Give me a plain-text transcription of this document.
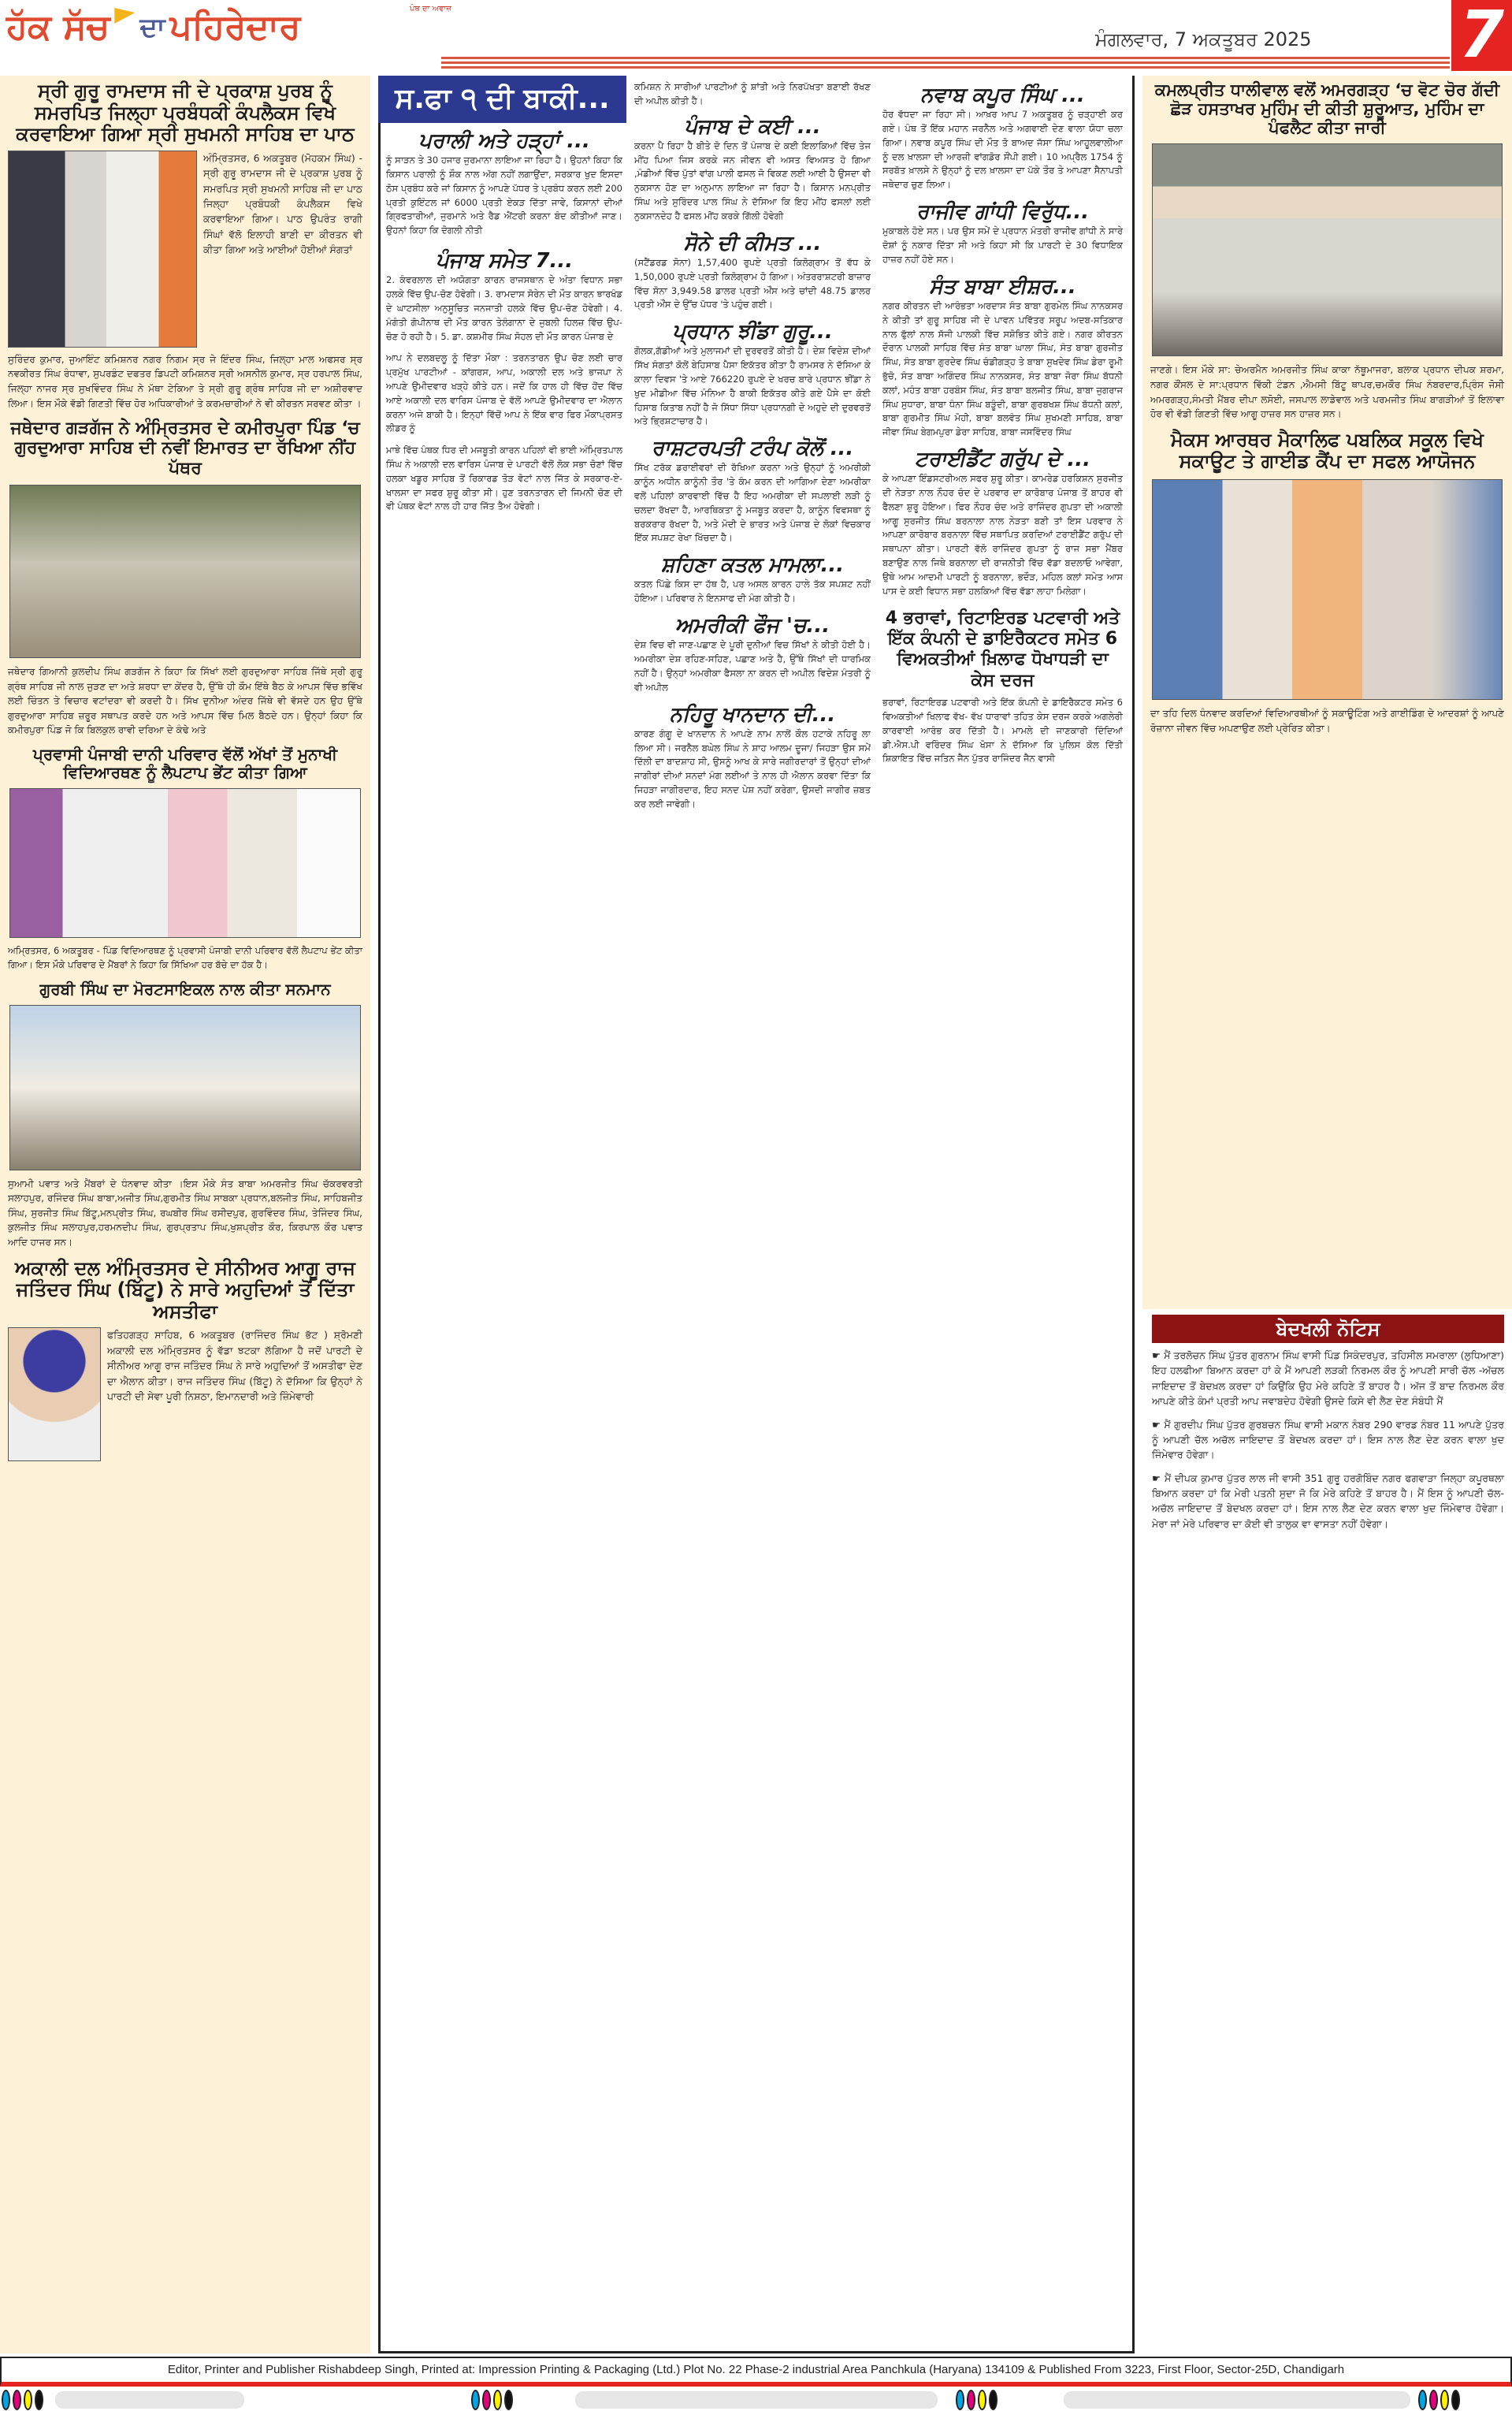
ਹੱਕ ਸੱਚ ਦਾ ਪਹਿਰੇਦਾਰ	ਪੰਥ ਦਾ ਅਵਾਜ਼
ਮੰਗਲਵਾਰ, 7 ਅਕਤੂਬਰ 2025 7
ਸ੍ਰੀ ਗੁਰੂ ਰਾਮਦਾਸ ਜੀ ਦੇ ਪ੍ਰਕਾਸ਼ ਪੁਰਬ ਨੂੰ ਸਮਰਪਿਤ ਜਿਲ੍ਹਾ ਪ੍ਰਬੰਧਕੀ ਕੰਪਲੈਕਸ ਵਿਖੇ ਕਰਵਾਇਆ ਗਿਆ ਸ੍ਰੀ ਸੁਖਮਨੀ ਸਾਹਿਬ ਦਾ ਪਾਠ

ਅੰਮ੍ਰਿਤਸਰ, 6 ਅਕਤੂਬਰ (ਮੋਹਕਮ ਸਿੰਘ) - ਸ੍ਰੀ ਗੁਰੂ ਰਾਮਦਾਸ ਜੀ ਦੇ ਪ੍ਰਕਾਸ਼ ਪੁਰਬ ਨੂੰ ਸਮਰਪਿਤ ਸ੍ਰੀ ਸੁਖਮਨੀ ਸਾਹਿਬ ਜੀ ਦਾ ਪਾਠ ਜਿਲ੍ਹਾ ਪ੍ਰਬੰਧਕੀ ਕੰਪਲੈਕਸ ਵਿਖੇ ਕਰਵਾਇਆ ਗਿਆ। ਪਾਠ ਉਪਰੰਤ ਰਾਗੀ ਸਿੰਘਾਂ ਵੱਲੋ ਇਲਾਹੀ ਬਾਣੀ ਦਾ ਕੀਰਤਨ ਵੀ ਕੀਤਾ ਗਿਆ ਅਤੇ ਆਈਆਂ ਹੋਈਆਂ ਸੰਗਤਾਂ

ਸੁਰਿੰਦਰ ਕੁਮਾਰ, ਜੁਆਇੰਟ ਕਮਿਸ਼ਨਰ ਨਗਰ ਨਿਗਮ ਸ੍ਰ ਜੇ ਇੰਦਰ ਸਿੰਘ, ਜਿਲ੍ਹਾ ਮਾਲ ਅਫਸਰ ਸ੍ਰ ਨਵਕੀਰਤ ਸਿੰਘ ਰੰਧਾਵਾ, ਸੁਪਰਡੰਟ ਦਫਤਰ ਡਿਪਟੀ ਕਮਿਸ਼ਨਰ ਸ੍ਰੀ ਅਸਨੀਲ ਕੁਮਾਰ, ਸ੍ਰ ਹਰਪਾਲ ਸਿੰਘ, ਜਿਲ੍ਹਾ ਨਾਜਰ ਸ੍ਰ ਸੁਖਵਿੰਦਰ ਸਿੰਘ ਨੇ ਮੱਥਾ ਟੇਕਿਆ ਤੇ ਸ੍ਰੀ ਗੁਰੂ ਗ੍ਰੰਥ ਸਾਹਿਬ ਜੀ ਦਾ ਅਸ਼ੀਰਵਾਦ ਲਿਆ। ਇਸ ਮੌਕੇ ਵੱਡੀ ਗਿਣਤੀ ਵਿੱਚ ਹੋਰ ਅਧਿਕਾਰੀਆਂ ਤੇ ਕਰਮਚਾਰੀਆਂ ਨੇ ਵੀ ਕੀਰਤਨ ਸਰਵਣ ਕੀਤਾ ।

ਜਥੇਦਾਰ ਗੜਗੱਜ ਨੇ ਅੰਮ੍ਰਿਤਸਰ ਦੇ ਕਮੀਰਪੁਰਾ ਪਿੰਡ ‘ਚ ਗੁਰਦੁਆਰਾ ਸਾਹਿਬ ਦੀ ਨਵੀਂ ਇਮਾਰਤ ਦਾ ਰੱਖਿਆ ਨੀਂਹ ਪੱਥਰ

ਜਥੇਦਾਰ ਗਿਆਨੀ ਕੁਲਦੀਪ ਸਿੰਘ ਗੜਗੱਜ ਨੇ ਕਿਹਾ ਕਿ ਸਿੱਖਾਂ ਲਈ ਗੁਰਦੁਆਰਾ ਸਾਹਿਬ ਜਿੱਥੇ ਸ੍ਰੀ ਗੁਰੂ ਗ੍ਰੰਥ ਸਾਹਿਬ ਜੀ ਨਾਲ ਜੁੜਣ ਦਾ ਅਤੇ ਸ਼ਰਧਾ ਦਾ ਕੇਂਦਰ ਹੈ, ਉੱਥੇ ਹੀ ਕੌਮ ਇੱਥੇ ਬੈਠ ਕੇ ਆਪਸ ਵਿੱਚ ਭਵਿੱਖ ਲਈ ਚਿੰਤਨ ਤੇ ਵਿਚਾਰ ਵਟਾਂਦਰਾ ਵੀ ਕਰਦੀ ਹੈ। ਸਿੱਖ ਦੁਨੀਆ ਅੰਦਰ ਜਿੱਥੇ ਵੀ ਵੱਸਦੇ ਹਨ ਉਹ ਉੱਥੇ ਗੁਰਦੁਆਰਾ ਸਾਹਿਬ ਜ਼ਰੂਰ ਸਥਾਪਤ ਕਰਦੇ ਹਨ ਅਤੇ ਆਪਸ ਵਿੱਚ ਮਿਲ ਬੈਠਦੇ ਹਨ। ਉਨ੍ਹਾਂ ਕਿਹਾ ਕਿ ਕਮੀਰਪੁਰਾ ਪਿੰਡ ਜੋ ਕਿ ਬਿਲਕੁਲ ਰਾਵੀ ਦਰਿਆ ਦੇ ਕੰਢੇ ਅਤੇ

ਪ੍ਰਵਾਸੀ ਪੰਜਾਬੀ ਦਾਨੀ ਪਰਿਵਾਰ ਵੱਲੋਂ ਅੱਖਾਂ ਤੋਂ ਮੁਨਾਖੀ ਵਿਦਿਆਰਥਣ ਨੂੰ ਲੈਪਟਾਪ ਭੇਂਟ ਕੀਤਾ ਗਿਆ

ਅਮ੍ਰਿਤਸਰ, 6 ਅਕਤੂਬਰ - ਪਿੰਡ ਵਿਦਿਆਰਥਣ ਨੂੰ ਪ੍ਰਵਾਸੀ ਪੰਜਾਬੀ ਦਾਨੀ ਪਰਿਵਾਰ ਵੱਲੋਂ ਲੈਪਟਾਪ ਭੇਂਟ ਕੀਤਾ ਗਿਆ। ਇਸ ਮੌਕੇ ਪਰਿਵਾਰ ਦੇ ਮੈਂਬਰਾਂ ਨੇ ਕਿਹਾ ਕਿ ਸਿੱਖਿਆ ਹਰ ਬੱਚੇ ਦਾ ਹੱਕ ਹੈ।

ਗੁਰਬੀ ਸਿੰਘ ਦਾ ਮੋਰਟਸਾਇਕਲ ਨਾਲ ਕੀਤਾ ਸਨਮਾਨ

ਸੁਆਮੀ ਪਵਾਤ ਅਤੇ ਮੈਂਬਰਾਂ ਦੇ ਧੰਨਵਾਦ ਕੀਤਾ ।ਇਸ ਮੌਕੇ ਸੰਤ ਬਾਬਾ ਅਮਰਜੀਤ ਸਿੰਘ ਚੱਕਰਵਰਤੀ ਸਲਾਹਪੁਰ, ਰਜਿੰਦਰ ਸਿੰਘ ਬਾਬਾ,ਅਜੀਤ ਸਿੰਘ,ਗੁਰਮੀਤ ਸਿੰਘ ਸਾਬਕਾ ਪ੍ਰਧਾਨ,ਬਲਜੀਤ ਸਿੰਘ, ਸਾਹਿਬਜੀਤ ਸਿੰਘ, ਸੁਰਜੀਤ ਸਿੰਘ ਬਿੱਟੂ,ਮਨਪ੍ਰੀਤ ਸਿੰਘ, ਰਘਬੀਰ ਸਿੰਘ ਰਸੀਦਪੁਰ, ਗੁਰਵਿੰਦਰ ਸਿੰਘ, ਤੇਜਿੰਦਰ ਸਿੰਘ, ਕੁਲਜੀਤ ਸਿੰਘ ਸਲਾਹਪੁਰ,ਹਰਮਨਦੀਪ ਸਿੰਘ, ਗੁਰਪ੍ਰਤਾਪ ਸਿੰਘ,ਖੁਸ਼ਪ੍ਰੀਤ ਕੌਰ, ਕਿਰਪਾਲ ਕੌਰ ਪਵਾਤ ਆਦਿ ਹਾਜਰ ਸਨ।

ਅਕਾਲੀ ਦਲ ਅੰਮ੍ਰਿਤਸਰ ਦੇ ਸੀਨੀਅਰ ਆਗੂ ਰਾਜ ਜਤਿੰਦਰ ਸਿੰਘ (ਬਿੱਟੂ) ਨੇ ਸਾਰੇ ਅਹੁਦਿਆਂ ਤੋਂ ਦਿੱਤਾ ਅਸਤੀਫਾ

ਫਤਿਹਗੜ੍ਹ ਸਾਹਿਬ, 6 ਅਕਤੂਬਰ (ਰਾਜਿੰਦਰ ਸਿੰਘ ਭੱਟ ) ਸ਼੍ਰੋਮਣੀ ਅਕਾਲੀ ਦਲ ਅੰਮ੍ਰਿਤਸਰ ਨੂੰ ਵੱਡਾ ਝਟਕਾ ਲੱਗਿਆ ਹੈ ਜਦੋਂ ਪਾਰਟੀ ਦੇ ਸੀਨੀਅਰ ਆਗੂ ਰਾਜ ਜਤਿੰਦਰ ਸਿੰਘ ਨੇ ਸਾਰੇ ਅਹੁਦਿਆਂ ਤੋਂ ਅਸਤੀਫਾ ਦੇਣ ਦਾ ਐਲਾਨ ਕੀਤਾ। ਰਾਜ ਜਤਿੰਦਰ ਸਿੰਘ (ਬਿੱਟੂ) ਨੇ ਦੱਸਿਆ ਕਿ ਉਨ੍ਹਾਂ ਨੇ ਪਾਰਟੀ ਦੀ ਸੇਵਾ ਪੂਰੀ ਨਿਸ਼ਠਾ, ਇਮਾਨਦਾਰੀ ਅਤੇ ਜ਼ਿੰਮੇਵਾਰੀ

ਸ.ਫਾ ੧ ਦੀ ਬਾਕੀ...
ਪਰਾਲੀ ਅਤੇ ਹੜ੍ਹਾਂ ...

ਨੂੰ ਸਾੜਨ ਤੇ 30 ਹਜਾਰ ਜੁਰਮਾਨਾ ਲਾਇਆ ਜਾ ਰਿਹਾ ਹੈ। ਉਹਨਾਂ ਕਿਹਾ ਕਿ ਕਿਸਾਨ ਪਰਾਲੀ ਨੂੰ ਸ਼ੌਕ ਨਾਲ ਅੱਗ ਨਹੀਂ ਲਗਾਉਂਦਾ, ਸਰਕਾਰ ਖੁਦ ਇਸਦਾ ਠੋਸ ਪ੍ਰਬੰਧ ਕਰੇ ਜਾਂ ਕਿਸਾਨ ਨੂੰ ਆਪਣੇ ਪੱਧਰ ਤੇ ਪ੍ਰਬੰਧ ਕਰਨ ਲਈ 200 ਪ੍ਰਤੀ ਕੁਇੰਟਲ ਜਾਂ 6000 ਪ੍ਰਤੀ ਏਕੜ ਦਿੱਤਾ ਜਾਵੇ, ਕਿਸਾਨਾਂ ਦੀਆਂ ਗ੍ਰਿਫਤਾਰੀਆਂ, ਜੁਰਮਾਨੇ ਅਤੇ ਰੈਡ ਐਂਟਰੀ ਕਰਨਾ ਬੰਦ ਕੀਤੀਆਂ ਜਾਣ। ਉਹਨਾਂ ਕਿਹਾ ਕਿ ਦੋਗਲੀ ਨੀਤੀ

ਪੰਜਾਬ ਸਮੇਤ 7...

2. ਕੰਵਰਲਾਲ ਦੀ ਅਯੋਗਤਾ ਕਾਰਨ ਰਾਜਸਥਾਨ ਦੇ ਅੰਤਾ ਵਿਧਾਨ ਸਭਾ ਹਲਕੇ ਵਿੱਚ ਉਪ-ਚੋਣ ਹੋਵੇਗੀ। 3. ਰਾਮਦਾਸ ਸੋਰੇਨ ਦੀ ਮੌਤ ਕਾਰਨ ਝਾਰਖੰਡ ਦੇ ਘਾਟਸੀਲਾ ਅਨੁਸੂਚਿਤ ਜਨਜਾਤੀ ਹਲਕੇ ਵਿੱਚ ਉਪ-ਚੋਣ ਹੋਵੇਗੀ। 4. ਮੰਗੰਤੀ ਗੋਪੀਨਾਥ ਦੀ ਮੌਤ ਕਾਰਨ ਤੇਲੰਗਾਨਾ ਦੇ ਜੁਬਲੀ ਹਿਲਜ਼ ਵਿੱਚ ਉਪ-ਚੋਣ ਹੋ ਰਹੀ ਹੈ। 5. ਡਾ. ਕਸ਼ਮੀਰ ਸਿੰਘ ਸੋਹਲ ਦੀ ਮੌਤ ਕਾਰਨ ਪੰਜਾਬ ਦੇ

ਆਪ ਨੇ ਦਲਬਦਲੂ ਨੂੰ ਦਿੱਤਾ ਮੌਕਾ : ਤਰਨਤਾਰਨ ਉਪ ਚੋਣ ਲਈ ਚਾਰ ਪ੍ਰਮੁੱਖ ਪਾਰਟੀਆਂ - ਕਾਂਗਰਸ, ਆਪ, ਅਕਾਲੀ ਦਲ ਅਤੇ ਭਾਜਪਾ ਨੇ ਆਪਣੇ ਉਮੀਦਵਾਰ ਖੜ੍ਹੇ ਕੀਤੇ ਹਨ। ਜਦੋਂ ਕਿ ਹਾਲ ਹੀ ਵਿੱਚ ਹੋਂਦ ਵਿੱਚ ਆਏ ਅਕਾਲੀ ਦਲ ਵਾਰਿਸ ਪੰਜਾਬ ਦੇ ਵੱਲੋਂ ਆਪਣੇ ਉਮੀਦਵਾਰ ਦਾ ਐਲਾਨ ਕਰਨਾ ਅਜੇ ਬਾਕੀ ਹੈ। ਇਨ੍ਹਾਂ ਵਿੱਚੋਂ ਆਪ ਨੇ ਇੱਕ ਵਾਰ ਫਿਰ ਮੌਕਾਪ੍ਰਸਤ ਲੀਡਰ ਨੂੰ

ਮਾਝੇ ਵਿੱਚ ਪੰਥਕ ਧਿਰ ਦੀ ਮਜਬੂਤੀ ਕਾਰਨ ਪਹਿਲਾਂ ਵੀ ਭਾਈ ਅੰਮ੍ਰਿਤਪਾਲ ਸਿੰਘ ਨੇ ਅਕਾਲੀ ਦਲ ਵਾਰਿਸ ਪੰਜਾਬ ਦੇ ਪਾਰਟੀ ਵੱਲੋਂ ਲੋਕ ਸਭਾ ਚੋਣਾਂ ਵਿੱਚ ਹਲਕਾ ਖਡੂਰ ਸਾਹਿਬ ਤੋਂ ਰਿਕਾਰਡ ਤੋੜ ਵੋਟਾਂ ਨਾਲ ਜਿੱਤ ਕੇ ਸਰਕਾਰ-ਏ-ਖਾਲਸਾ ਦਾ ਸਫਰ ਸ਼ੁਰੂ ਕੀਤਾ ਸੀ। ਹੁਣ ਤਰਨਤਾਰਨ ਦੀ ਜਿਮਨੀ ਚੋਣ ਦੀ ਵੀ ਪੰਥਕ ਵੋਟਾਂ ਨਾਲ ਹੀ ਹਾਰ ਜਿੱਤ ਤੈਅ ਹੋਵੇਗੀ।

ਕਮਿਸ਼ਨ ਨੇ ਸਾਰੀਆਂ ਪਾਰਟੀਆਂ ਨੂੰ ਸ਼ਾਂਤੀ ਅਤੇ ਨਿਰਪੱਖਤਾ ਬਣਾਈ ਰੱਖਣ ਦੀ ਅਪੀਲ ਕੀਤੀ ਹੈ।

ਪੰਜਾਬ ਦੇ ਕਈ ...

ਕਰਨਾ ਪੈ ਰਿਹਾ ਹੈ ਬੀਤੇ ਦੋ ਦਿਨ ਤੋਂ ਪੰਜਾਬ ਦੇ ਕਈ ਇਲਾਕਿਆਂ ਵਿੱਚ ਤੇਜ ਮੀਂਹ ਪਿਆ ਜਿਸ ਕਰਕੇ ਜਨ ਜੀਵਨ ਵੀ ਅਸਤ ਵਿਅਸਤ ਹੋ ਗਿਆ ,ਮੰਡੀਆਂ ਵਿੱਚ ਪੁੱਤਾਂ ਵਾਂਗ ਪਾਲੀ ਫਸਲ ਜੋ ਵਿਕਣ ਲਈ ਆਈ ਹੈ ਉਸਦਾ ਵੀ ਨੁਕਸਾਨ ਹੋਣ ਦਾ ਅਨੁਮਾਨ ਲਾਇਆ ਜਾ ਰਿਹਾ ਹੈ। ਕਿਸਾਨ ਮਨਪ੍ਰੀਤ ਸਿੰਘ ਅਤੇ ਸੁਰਿੰਦਰ ਪਾਲ ਸਿੰਘ ਨੇ ਦੱਸਿਆ ਕਿ ਇਹ ਮੀਂਹ ਫਸਲਾਂ ਲਈ ਨੁਕਸਾਨਦੇਹ ਹੈ ਫਸਲ ਮੀਂਹ ਕਰਕੇ ਗਿੱਲੀ ਹੋਵੇਗੀ

ਸੋਨੇ ਦੀ ਕੀਮਤ ...

(ਸਟੈਂਡਰਡ ਸੋਨਾ) 1,57,400 ਰੁਪਏ ਪ੍ਰਤੀ ਕਿਲੋਗ੍ਰਾਮ ਤੋਂ ਵੱਧ ਕੇ 1,50,000 ਰੁਪਏ ਪ੍ਰਤੀ ਕਿਲੋਗ੍ਰਾਮ ਹੋ ਗਿਆ। ਅੰਤਰਰਾਸ਼ਟਰੀ ਬਾਜ਼ਾਰ ਵਿੱਚ ਸੋਨਾ 3,949.58 ਡਾਲਰ ਪ੍ਰਤੀ ਔਂਸ ਅਤੇ ਚਾਂਦੀ 48.75 ਡਾਲਰ ਪ੍ਰਤੀ ਔਂਸ ਦੇ ਉੱਚ ਪੱਧਰ 'ਤੇ ਪਹੁੰਚ ਗਈ।

ਪ੍ਰਧਾਨ ਝੀਂਡਾ ਗੁਰੂ...

ਗੋਲਕ,ਗੱਡੀਆਂ ਅਤੇ ਮੁਲਾਜਮਾਂ ਦੀ ਦੁਰਵਰਤੋਂ ਕੀਤੀ ਹੈ। ਦੇਸ਼ ਵਿਦੇਸ਼ ਦੀਆਂ ਸਿੱਖ ਸੰਗਤਾਂ ਕੋਲੋਂ ਬੇਹਿਸਾਬ ਪੈਸਾ ਇਕੱਤਰ ਕੀਤਾ ਹੈ ਰਾਮਸਰ ਨੇ ਦੱਸਿਆ ਕੇ ਕਾਲਾ ਦਿਵਸ 'ਤੇ ਆਏ 766220 ਰੁਪਏ ਦੇ ਖਰਚ ਬਾਰੇ ਪ੍ਰਧਾਨ ਝੀਂਡਾ ਨੇ ਖੁਦ ਮੀਡੀਆ ਵਿੱਚ ਮੰਨਿਆ ਹੈ ਬਾਕੀ ਇਕੱਤਰ ਕੀਤੇ ਗਏ ਪੈਸੇ ਦਾ ਕੋਈ ਹਿਸਾਬ ਕਿਤਾਬ ਨਹੀਂ ਹੈ ਜੋ ਸਿੱਧਾ ਸਿੱਧਾ ਪ੍ਰਧਾਨਗੀ ਦੇ ਅਹੁਦੇ ਦੀ ਦੁਰਵਰਤੋਂ ਅਤੇ ਭ੍ਰਿਸ਼ਟਾਚਾਰ ਹੈ।

ਰਾਸ਼ਟਰਪਤੀ ਟਰੰਪ ਕੋਲੋਂ ...

ਸਿੱਖ ਟਰੱਕ ਡਰਾਈਵਰਾਂ ਦੀ ਰੱਖਿਆ ਕਰਨਾ ਅਤੇ ਉਨ੍ਹਾਂ ਨੂੰ ਅਮਰੀਕੀ ਕਾਨੂੰਨ ਅਧੀਨ ਕਾਨੂੰਨੀ ਤੌਰ 'ਤੇ ਕੰਮ ਕਰਨ ਦੀ ਆਗਿਆ ਦੇਣਾ ਅਮਰੀਕਾ ਵਲੋਂ ਪਹਿਲਾਂ ਕਾਰਵਾਈ ਵਿੱਚ ਹੈ ਇਹ ਅਮਰੀਕਾ ਦੀ ਸਪਲਾਈ ਲੜੀ ਨੂੰ ਚਲਦਾ ਰੱਖਦਾ ਹੈ, ਆਰਥਿਕਤਾ ਨੂੰ ਮਜਬੂਤ ਕਰਦਾ ਹੈ, ਕਾਨੂੰਨ ਵਿਵਸਥਾ ਨੂੰ ਬਰਕਰਾਰ ਰੱਖਦਾ ਹੈ, ਅਤੇ ਮੋਦੀ ਦੇ ਭਾਰਤ ਅਤੇ ਪੰਜਾਬ ਦੇ ਲੋਕਾਂ ਵਿਚਕਾਰ ਇੱਕ ਸਪਸ਼ਟ ਰੇਖਾ ਖਿੱਚਦਾ ਹੈ।

ਸ਼ਹਿਣਾ ਕਤਲ ਮਾਮਲਾ...

ਕਤਲ ਪਿੱਛੇ ਕਿਸ ਦਾ ਹੱਥ ਹੈ, ਪਰ ਅਸਲ ਕਾਰਨ ਹਾਲੇ ਤੱਕ ਸਪਸ਼ਟ ਨਹੀਂ ਹੋਇਆ। ਪਰਿਵਾਰ ਨੇ ਇਨਸਾਫ ਦੀ ਮੰਗ ਕੀਤੀ ਹੈ।

ਅਮਰੀਕੀ ਫੌਜ 'ਚ...

ਦੇਸ਼ ਵਿਚ ਵੀ ਜਾਣ-ਪਛਾਣ ਦੇ ਪੂਰੀ ਦੁਨੀਆਂ ਵਿਚ ਸਿੱਖਾਂ ਨੇ ਕੀਤੀ ਹੋਈ ਹੈ। ਅਮਰੀਕਾ ਦੇਸ਼ ਰਹਿਣ-ਸਹਿਣ, ਪਛਾਣ ਅਤੇ ਹੈ, ਉੱਥੇ ਸਿੱਖਾਂ ਦੀ ਧਾਰਮਿਕ ਨਹੀਂ ਹੈ। ਉਨ੍ਹਾਂ ਅਮਰੀਕਾ ਫੈਸਲਾ ਨਾ ਕਰਨ ਦੀ ਅਪੀਲ ਵਿਦੇਸ਼ ਮੰਤਰੀ ਨੂੰ ਵੀ ਅਪੀਲ

ਨਹਿਰੂ ਖਾਨਦਾਨ ਦੀ...

ਕਾਰਣ ਗੰਗੂ ਦੇ ਖਾਨਦਾਨ ਨੇ ਆਪਣੇ ਨਾਮ ਨਾਲੋਂ ਕੌਲ ਹਟਾਕੇ ਨਹਿਰੂ ਲਾ ਲਿਆ ਸੀ। ਜਰਨੈਲ ਬਘੇਲ ਸਿੰਘ ਨੇ ਸ਼ਾਹ ਆਲਮ ਦੂਜਾ/ ਜਿਹੜਾ ਉਸ ਸਮੇਂ ਦਿੱਲੀ ਦਾ ਬਾਦਸ਼ਾਹ ਸੀ, ਉਸਨੂੰ ਆਖ ਕੇ ਸਾਰੇ ਜਗੀਰਦਾਰਾਂ ਤੋਂ ਉਨ੍ਹਾਂ ਦੀਆਂ ਜਾਗੀਰਾਂ ਦੀਆਂ ਸਨਦਾਂ ਮੰਗ ਲਈਆਂ ਤੇ ਨਾਲ ਹੀ ਐਲਾਨ ਕਰਵਾ ਦਿੱਤਾ ਕਿ ਜਿਹੜਾ ਜਾਗੀਰਦਾਰ, ਇਹ ਸਨਦ ਪੇਸ਼ ਨਹੀਂ ਕਰੇਗਾ, ਉਸਦੀ ਜਾਗੀਰ ਜ਼ਬਤ ਕਰ ਲਈ ਜਾਵੇਗੀ।

ਨਵਾਬ ਕਪੂਰ ਸਿੰਘ ...

ਹੋਰ ਵੱਧਦਾ ਜਾ ਰਿਹਾ ਸੀ। ਆਖ਼ਰ ਆਪ 7 ਅਕਤੂਬਰ ਨੂੰ ਚੜ੍ਹਾਈ ਕਰ ਗਏ। ਪੰਥ ਤੋਂ ਇੱਕ ਮਹਾਨ ਜਰਨੈਲ ਅਤੇ ਅਗਵਾਈ ਦੇਣ ਵਾਲਾ ਯੋਧਾ ਚਲਾ ਗਿਆ। ਨਵਾਬ ਕਪੂਰ ਸਿੰਘ ਦੀ ਮੌਤ ਤੋ ਬਾਅਦ ਜੱਸਾ ਸਿੰਘ ਆਹੂਲਵਾਲੀਆ ਨੂੰ ਦਲ ਖ਼ਾਲਸਾ ਦੀ ਆਰਜ਼ੀ ਵਾਂਗਡੋਰ ਸੌਂਪੀ ਗਈ। 10 ਅਪ੍ਰੈਲ 1754 ਨੂੰ ਸਰਬੱਤ ਖ਼ਾਲਸੇ ਨੇ ਉਨ੍ਹਾਂ ਨੂੰ ਦਲ ਖ਼ਾਲਸਾ ਦਾ ਪੱਕੇ ਤੌਰ ਤੇ ਆਪਣਾ ਸੈਨਾਪਤੀ ਜਥੇਦਾਰ ਚੁਣ ਲਿਆ।

ਰਾਜੀਵ ਗਾਂਧੀ ਵਿਰੁੱਧ...

ਮੁਕਾਬਲੇ ਹੋਏ ਸਨ। ਪਰ ਉਸ ਸਮੇਂ ਦੇ ਪ੍ਰਧਾਨ ਮੰਤਰੀ ਰਾਜੀਵ ਗਾਂਧੀ ਨੇ ਸਾਰੇ ਦੋਸ਼ਾਂ ਨੂੰ ਨਕਾਰ ਦਿੱਤਾ ਸੀ ਅਤੇ ਕਿਹਾ ਸੀ ਕਿ ਪਾਰਟੀ ਦੇ 30 ਵਿਧਾਇਕ ਹਾਜ਼ਰ ਨਹੀਂ ਹੋਏ ਸਨ।

ਸੰਤ ਬਾਬਾ ਈਸ਼ਰ...

ਨਗਰ ਕੀਰਤਨ ਦੀ ਆਰੰਭਤਾ ਅਰਦਾਸ ਸੰਤ ਬਾਬਾ ਗੁਰਮੇਲ ਸਿੰਘ ਨਾਨਕਸਰ ਨੇ ਕੀਤੀ ਤਾਂ ਗੁਰੂ ਸਾਹਿਬ ਜੀ ਦੇ ਪਾਵਨ ਪਵਿੱਤਰ ਸਰੂਪ ਅਦਬ-ਸਤਿਕਾਰ ਨਾਲ ਫੁੱਲਾਂ ਨਾਲ ਸੱਜੀ ਪਾਲਕੀ ਵਿੱਚ ਸਸ਼ੋਭਿਤ ਕੀਤੇ ਗਏ। ਨਗਰ ਕੀਰਤਨ ਦੌਰਾਨ ਪਾਲਕੀ ਸਾਹਿਬ ਵਿੱਚ ਸੰਤ ਬਾਬਾ ਘਾਲਾ ਸਿੰਘ, ਸੰਤ ਬਾਬਾ ਗੁਰਜੀਤ ਸਿੰਘ, ਸੰਤ ਬਾਬਾ ਗੁਰਦੇਵ ਸਿੰਘ ਚੰਡੀਗੜ੍ਹ ਤੇ ਬਾਬਾ ਸੁਖਦੇਵ ਸਿੰਘ ਡੇਰਾ ਰੂਮੀ ਭੁੱਚੋ, ਸੰਤ ਬਾਬਾ ਅਗਿੰਦਰ ਸਿੰਘ ਨਾਨਕਸਰ, ਸੰਤ ਬਾਬਾ ਜੋਰਾ ਸਿੰਘ ਬੱਧਨੀ ਕਲਾਂ, ਮਹੰਤ ਬਾਬਾ ਹਰਬੰਸ ਸਿੰਘ, ਸੰਤ ਬਾਬਾ ਬਲਜੀਤ ਸਿੰਘ, ਬਾਬਾ ਜੁਗਰਾਜ ਸਿੰਘ ਸੁਧਾਰਾ, ਬਾਬਾ ਧੰਨਾ ਸਿੰਘ ਬੜੂੰਦੀ, ਬਾਬਾ ਗੁਰਬਖਸ਼ ਸਿੰਘ ਬੱਧਨੀ ਕਲਾਂ, ਬਾਬਾ ਗੁਰਮੀਤ ਸਿੰਘ ਮੋਹੀ, ਬਾਬਾ ਬਲਵੰਤ ਸਿੰਘ ਸੁਖਮਣੀ ਸਾਹਿਬ, ਬਾਬਾ ਜੀਵਾ ਸਿੰਘ ਬੇਗਮਪੁਰਾ ਡੇਰਾ ਸਾਹਿਬ, ਬਾਬਾ ਜਸਵਿੰਦਰ ਸਿੰਘ

ਟਰਾਈਡੈਂਟ ਗਰੁੱਪ ਦੇ ...

ਕੇ ਆਪਣਾ ਇੰਡਸਟਰੀਅਲ ਸਫਰ ਸ਼ੁਰੂ ਕੀਤਾ। ਕਾਮਰੇਡ ਹਰਕਿਸ਼ਨ ਸੁਰਜੀਤ ਦੀ ਨੇੜਤਾ ਨਾਲ ਨੌਹਰ ਚੰਦ ਦੇ ਪਰਵਾਰ ਦਾ ਕਾਰੋਬਾਰ ਪੰਜਾਬ ਤੋਂ ਬਾਹਰ ਵੀ ਫੈਲਣਾ ਸ਼ੁਰੂ ਹੋਇਆ। ਫਿਰ ਨੌਹਰ ਚੰਦ ਅਤੇ ਰਾਜਿੰਦਰ ਗੁਪਤਾ ਦੀ ਅਕਾਲੀ ਆਗੂ ਸੁਰਜੀਤ ਸਿੰਘ ਬਰਨਾਲਾ ਨਾਲ ਨੇੜਤਾ ਬਣੀ ਤਾਂ ਇਸ ਪਰਵਾਰ ਨੇ ਆਪਣਾ ਕਾਰੋਬਾਰ ਬਰਨਾਲਾ ਵਿੱਚ ਸਥਾਪਿਤ ਕਰਦਿਆਂ ਟਰਾਈਡੈਂਟ ਗਰੁੱਪ ਦੀ ਸਥਾਪਨਾ ਕੀਤਾ। ਪਾਰਟੀ ਵੱਲੋ ਰਾਜਿੰਦਰ ਗੁਪਤਾ ਨੂੰ ਰਾਜ ਸਭਾ ਮੈਂਬਰ ਬਣਾਉਣ ਨਾਲ ਜਿਥੇ ਬਰਨਾਲਾ ਦੀ ਰਾਜਨੀਤੀ ਵਿੱਚ ਵੱਡਾ ਬਦਲਾਓ ਆਵੇਗਾ, ਉਥੇ ਆਮ ਆਦਮੀ ਪਾਰਟੀ ਨੂੰ ਬਰਨਾਲਾ, ਭਦੌੜ, ਮਹਿਲ ਕਲਾਂ ਸਮੇਤ ਆਸ ਪਾਸ ਦੇ ਕਈ ਵਿਧਾਨ ਸਭਾ ਹਲਕਿਆਂ ਵਿੱਚ ਵੱਡਾ ਲਾਹਾ ਮਿਲੇਗਾ।

4 ਭਰਾਵਾਂ, ਰਿਟਾਇਰਡ ਪਟਵਾਰੀ ਅਤੇ ਇੱਕ ਕੰਪਨੀ ਦੇ ਡਾਇਰੈਕਟਰ ਸਮੇਤ 6 ਵਿਅਕਤੀਆਂ ਖ਼ਿਲਾਫ ਧੋਖਾਧੜੀ ਦਾ ਕੇਸ ਦਰਜ

ਭਰਾਵਾਂ, ਰਿਟਾਇਰਡ ਪਟਵਾਰੀ ਅਤੇ ਇੱਕ ਕੰਪਨੀ ਦੇ ਡਾਇਰੈਕਟਰ ਸਮੇਤ 6 ਵਿਅਕਤੀਆਂ ਖਿਲਾਫ ਵੱਖ- ਵੱਖ ਧਾਰਾਵਾਂ ਤਹਿਤ ਕੇਸ ਦਰਜ ਕਰਕੇ ਅਗਲੇਰੀ ਕਾਰਵਾਈ ਆਰੰਭ ਕਰ ਦਿੱਤੀ ਹੈ। ਮਾਮਲੇ ਦੀ ਜਾਣਕਾਰੀ ਦਿੰਦਿਆਂ ਡੀ.ਐਸ.ਪੀ ਵਰਿੰਦਰ ਸਿੰਘ ਖੋਸਾ ਨੇ ਦੱਸਿਆ ਕਿ ਪੁਲਿਸ ਕੋਲ ਦਿੱਤੀ ਸ਼ਿਕਾਇਤ ਵਿੱਚ ਜਤਿਨ ਜੈਨ ਪੁੱਤਰ ਰਾਜਿੰਦਰ ਜੈਨ ਵਾਸੀ

ਕਮਲਪ੍ਰੀਤ ਧਾਲੀਵਾਲ ਵਲੋਂ ਅਮਰਗੜ੍ਹ ‘ਚ ਵੋਟ ਚੋਰ ਗੱਦੀ ਛੋੜ ਹਸਤਾਖਰ ਮੁਹਿੰਮ ਦੀ ਕੀਤੀ ਸ਼ੁਰੂਆਤ, ਮੁਹਿੰਮ ਦਾ ਪੰਫਲੈਟ ਕੀਤਾ ਜਾਰੀ

ਜਾਣਗੇ। ਇਸ ਮੌਕੇ ਸਾ: ਚੇਅਰਮੈਨ ਅਮਰਜੀਤ ਸਿੰਘ ਕਾਕਾ ਨੱਥੂਮਾਜਰਾ, ਬਲਾਕ ਪ੍ਰਧਾਨ ਦੀਪਕ ਸ਼ਰਮਾ, ਨਗਰ ਕੌਂਸਲ ਦੇ ਸਾ:ਪ੍ਰਧਾਨ ਵਿੱਕੀ ਟੰਡਨ ,ਐਮਸੀ ਬਿੱਟੂ ਥਾਪਰ,ਚਮਕੌਰ ਸਿੰਘ ਨੰਬਰਦਾਰ,ਪ੍ਰਿੰਸ ਜੋਸੀ ਅਮਰਗੜ੍ਹ,ਸੰਮਤੀ ਮੈਂਬਰ ਦੀਪਾ ਲਸੋਈ, ਜਸਪਾਲ ਲਾਡੇਵਾਲ ਅਤੇ ਪਰਮਜੀਤ ਸਿੰਘ ਬਾਗੜੀਆਂ ਤੋਂ ਇਲਾਵਾ ਹੋਰ ਵੀ ਵੱਡੀ ਗਿਣਤੀ ਵਿੱਚ ਆਗੂ ਹਾਜ਼ਰ ਸਨ ਹਾਜ਼ਰ ਸਨ।

ਮੈਕਸ ਆਰਥਰ ਮੈਕਾਲਿਫ ਪਬਲਿਕ ਸਕੂਲ ਵਿਖੇ ਸਕਾਊਟ ਤੇ ਗਾਈਡ ਕੈਂਪ ਦਾ ਸਫਲ ਆਯੋਜਨ

ਦਾ ਤਹਿ ਦਿਲ ਧੰਨਵਾਦ ਕਰਦਿਆਂ ਵਿਦਿਆਰਥੀਆਂ ਨੂੰ ਸਕਾਊਟਿੰਗ ਅਤੇ ਗਾਈਡਿੰਗ ਦੇ ਆਦਰਸ਼ਾਂ ਨੂੰ ਆਪਣੇ ਰੋਜ਼ਾਨਾ ਜੀਵਨ ਵਿੱਚ ਅਪਣਾਉਣ ਲਈ ਪ੍ਰੇਰਿਤ ਕੀਤਾ।

ਬੇਦਖਲੀ ਨੋਟਿਸ

☛ ਮੈਂ ਤਰਲੋਚਨ ਸਿੰਘ ਪੁੱਤਰ ਗੁਰਨਾਮ ਸਿੰਘ ਵਾਸੀ ਪਿੰਡ ਸਿਕੰਦਰਪੁਰ, ਤਹਿਸੀਲ ਸਮਰਾਲਾ (ਲੁਧਿਆਣਾ) ਇਹ ਹਲਫੀਆ ਬਿਆਨ ਕਰਦਾ ਹਾਂ ਕੇ ਮੈਂ ਆਪਣੀ ਲੜਕੀ ਨਿਰਮਲ ਕੌਰ ਨੂੰ ਆਪਣੀ ਸਾਰੀ ਚੱਲ -ਅੱਚਲ ਜਾਇਦਾਦ ਤੋਂ ਬੇਦਖ਼ਲ ਕਰਦਾ ਹਾਂ ਕਿਉਂਕਿ ਉਹ ਮੇਰੇ ਕਹਿਣੇ ਤੋਂ ਬਾਹਰ ਹੈ। ਅੱਜ ਤੋਂ ਬਾਦ ਨਿਰਮਲ ਕੌਰ ਆਪਣੇ ਕੀਤੇ ਕੰਮਾਂ ਪ੍ਰਤੀ ਆਪ ਜਵਾਬਦੇਹ ਹੋਵੇਗੀ ਉਸਦੇ ਕਿਸੇ ਵੀ ਲੈਣ ਦੇਣ ਸੰਬੰਧੀ ਮੈਂ

☛ ਮੈਂ ਗੁਰਦੀਪ ਸਿੰਘ ਪੁੱਤਰ ਗੁਰਬਚਨ ਸਿੰਘ ਵਾਸੀ ਮਕਾਨ ਨੰਬਰ 290 ਵਾਰਡ ਨੰਬਰ 11 ਆਪਣੇ ਪੁੱਤਰ ਨੂੰ ਆਪਣੀ ਚੱਲ ਅਚੱਲ ਜਾਇਦਾਦ ਤੋਂ ਬੇਦਖਲ ਕਰਦਾ ਹਾਂ। ਇਸ ਨਾਲ ਲੈਣ ਦੇਣ ਕਰਨ ਵਾਲਾ ਖੁਦ ਜਿੰਮੇਵਾਰ ਹੋਵੇਗਾ।

☛ ਮੈਂ ਦੀਪਕ ਕੁਮਾਰ ਪੁੱਤਰ ਲਾਲ ਜੀ ਵਾਸੀ 351 ਗੁਰੂ ਹਰਗੋਬਿੰਦ ਨਗਰ ਫਗਵਾੜਾ ਜਿਲ੍ਹਾ ਕਪੂਰਥਲਾ ਬਿਆਨ ਕਰਦਾ ਹਾਂ ਕਿ ਮੇਰੀ ਪਤਨੀ ਸੁਦਾ ਜੋ ਕਿ ਮੇਰੇ ਕਹਿਣੇ ਤੋਂ ਬਾਹਰ ਹੈ। ਮੈਂ ਇਸ ਨੂੰ ਆਪਣੀ ਚੱਲ-ਅਚੱਲ ਜਾਇਦਾਦ ਤੋਂ ਬੇਦਖਲ ਕਰਦਾ ਹਾਂ। ਇਸ ਨਾਲ ਲੈਣ ਦੇਣ ਕਰਨ ਵਾਲਾ ਖੁਦ ਜਿੰਮੇਵਾਰ ਹੋਵੇਗਾ। ਮੇਰਾ ਜਾਂ ਮੇਰੇ ਪਰਿਵਾਰ ਦਾ ਕੋਈ ਵੀ ਤਾਲੁਕ ਵਾ ਵਾਸਤਾ ਨਹੀਂ ਹੋਵੇਗਾ।

Editor, Printer and Publisher Rishabdeep Singh, Printed at: Impression Printing & Packaging (Ltd.) Plot No. 22 Phase-2 industrial Area Panchkula (Haryana) 134109 & Published From 3223, First Floor, Sector-25D, Chandigarh
